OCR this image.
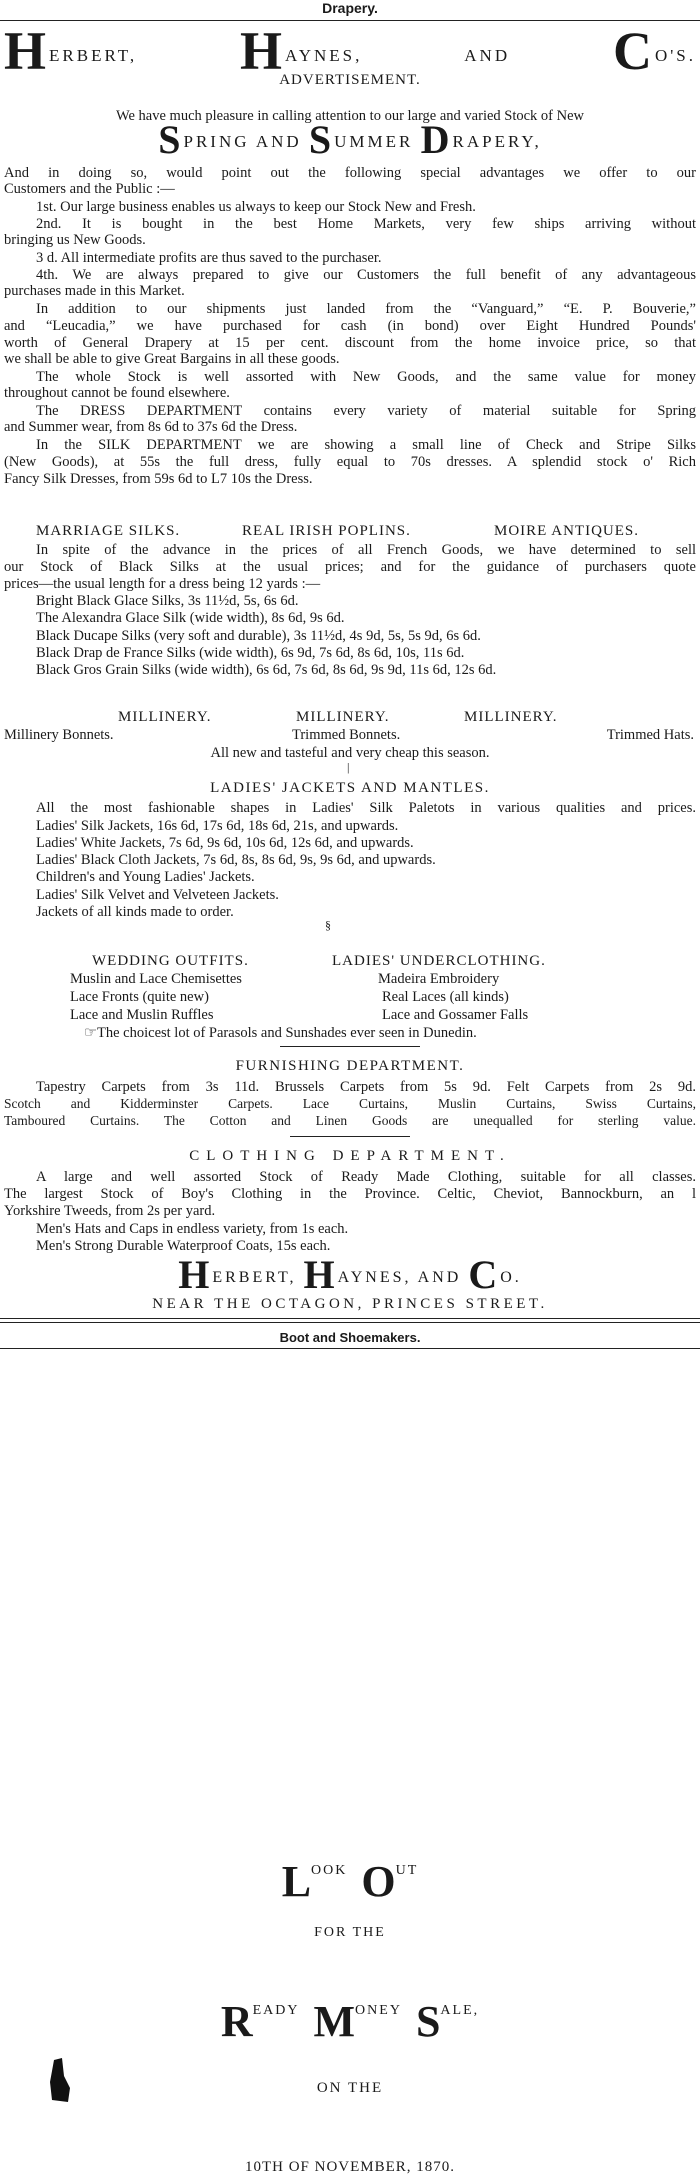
Drapery.
HERBERT, HAYNES,	AND CO'S.
ADVERTISEMENT.
We have much pleasure in calling attention to our large and varied Stock of New
SPRING AND SUMMER DRAPERY,
And in doing so, would point out the following special advantages we offer to our
Customers and the Public :—
1st. Our large business enables us always to keep our Stock New and Fresh.
2nd. It is bought in the best Home Markets, very few ships arriving without
bringing us New Goods.
3 d. All intermediate profits are thus saved to the purchaser.
4th. We are always prepared to give our Customers the full benefit of any advantageous
purchases made in this Market.
In addition to our shipments just landed from the “Vanguard,” “E. P. Bouverie,”
and “Leucadia,” we have purchased for cash (in bond) over Eight Hundred Pounds'
worth of General Drapery at 15 per cent. discount from the home invoice price, so that
we shall be able to give Great Bargains in all these goods.
The whole Stock is well assorted with New Goods, and the same value for money
throughout cannot be found elsewhere.
The DRESS DEPARTMENT contains every variety of material suitable for Spring
and Summer wear, from 8s 6d to 37s 6d the Dress.
In the SILK DEPARTMENT we are showing a small line of Check and Stripe Silks
(New Goods), at 55s the full dress, fully equal to 70s dresses. A splendid stock o' Rich
Fancy Silk Dresses, from 59s 6d to L7 10s the Dress.
MARRIAGE SILKS.	REAL IRISH POPLINS.	MOIRE ANTIQUES.
In spite of the advance in the prices of all French Goods, we have determined to sell
our Stock of Black Silks at the usual prices; and for the guidance of purchasers quote
prices—the usual length for a dress being 12 yards :—
Bright Black Glace Silks, 3s 11½d, 5s, 6s 6d.
The Alexandra Glace Silk (wide width), 8s 6d, 9s 6d.
Black Ducape Silks (very soft and durable), 3s 11½d, 4s 9d, 5s, 5s 9d, 6s 6d.
Black Drap de France Silks (wide width), 6s 9d, 7s 6d, 8s 6d, 10s, 11s 6d.
Black Gros Grain Silks (wide width), 6s 6d, 7s 6d, 8s 6d, 9s 9d, 11s 6d, 12s 6d.
MILLINERY.	MILLINERY.	MILLINERY.
Millinery Bonnets.	Trimmed Bonnets.	Trimmed Hats.
All new and tasteful and very cheap this season.
|
LADIES' JACKETS AND MANTLES.
All the most fashionable shapes in Ladies' Silk Paletots in various qualities and prices.
Ladies' Silk Jackets, 16s 6d, 17s 6d, 18s 6d, 21s, and upwards.
Ladies' White Jackets, 7s 6d, 9s 6d, 10s 6d, 12s 6d, and upwards.
Ladies' Black Cloth Jackets, 7s 6d, 8s, 8s 6d, 9s, 9s 6d, and upwards.
Children's and Young Ladies' Jackets.
Ladies' Silk Velvet and Velveteen Jackets.
Jackets of all kinds made to order.
§
WEDDING OUTFITS.	LADIES' UNDERCLOTHING.
Muslin and Lace Chemisettes	Madeira Embroidery
Lace Fronts (quite new)	Real Laces (all kinds)
Lace and Muslin Ruffles	Lace and Gossamer Falls
☞The choicest lot of Parasols and Sunshades ever seen in Dunedin.
FURNISHING DEPARTMENT.
Tapestry Carpets from 3s 11d. Brussels Carpets from 5s 9d. Felt Carpets from 2s 9d.
Scotch and Kidderminster Carpets. Lace Curtains, Muslin Curtains, Swiss Curtains,
Tamboured Curtains. The Cotton and Linen Goods are unequalled for sterling value.
CLOTHING DEPARTMENT.
A large and well assorted Stock of Ready Made Clothing, suitable for all classes.
The largest Stock of Boy's Clothing in the Province. Celtic, Cheviot, Bannockburn, an l
Yorkshire Tweeds, from 2s per yard.
Men's Hats and Caps in endless variety, from 1s each.
Men's Strong Durable Waterproof Coats, 15s each.
HERBERT, HAYNES, AND CO.
NEAR THE OCTAGON, PRINCES STREET.
Boot and Shoemakers.
LOOK OUT
FOR THE
READY MONEY SALE,
ON THE
10TH OF NOVEMBER, 1870.
